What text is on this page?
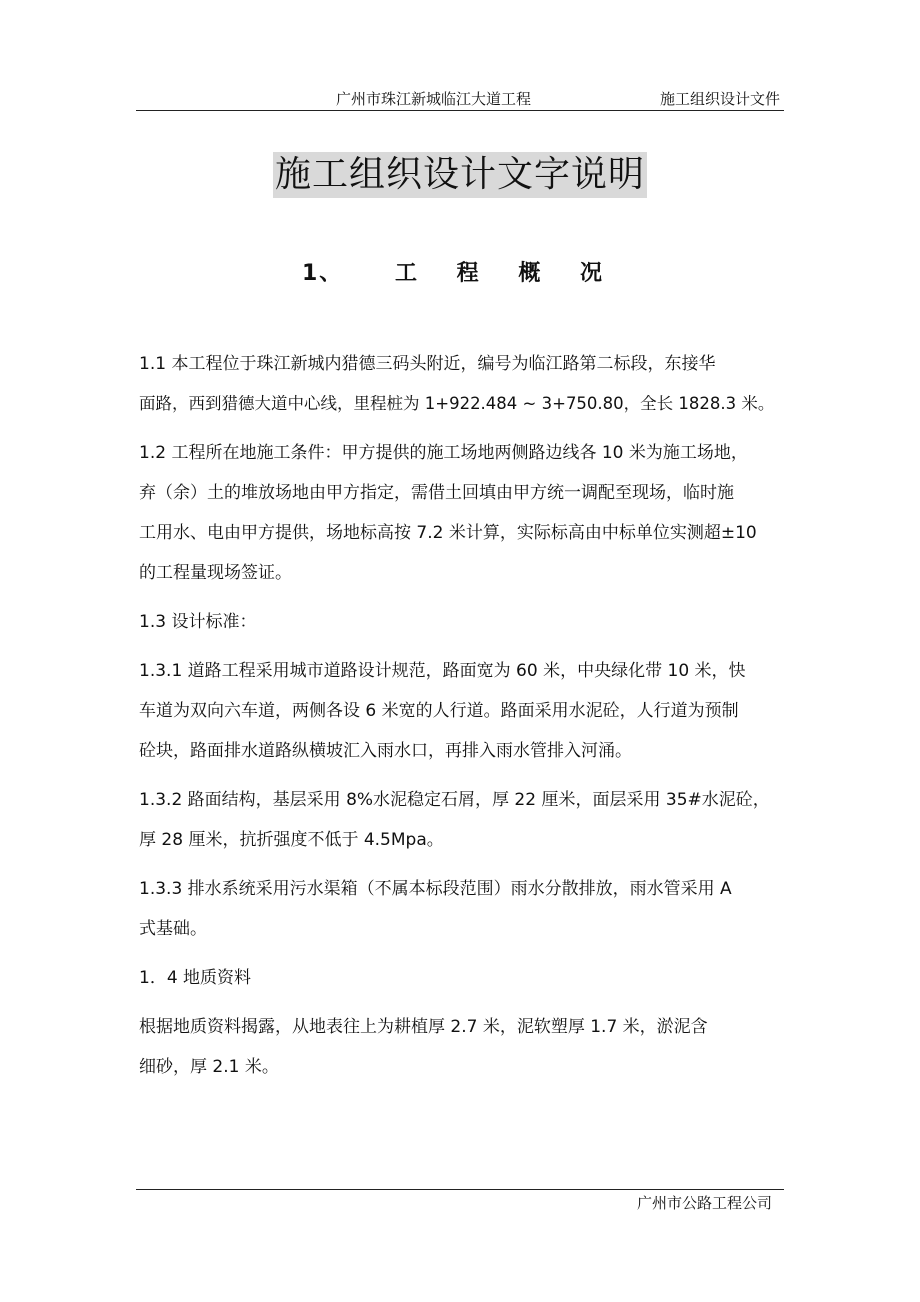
广州市珠江新城临江大道工程	施工组织设计文件
施工组织设计文字说明
1、 工 程 概 况

1.1 本工程位于珠江新城内猎德三码头附近，编号为临江路第二标段，东接华
面路，西到猎德大道中心线，里程桩为 1+922.484 ~ 3+750.80，全长 1828.3 米。

1.2 工程所在地施工条件：甲方提供的施工场地两侧路边线各 10 米为施工场地，
弃（余）土的堆放场地由甲方指定，需借土回填由甲方统一调配至现场，临时施
工用水、电由甲方提供，场地标高按 7.2 米计算，实际标高由中标单位实测超±10
的工程量现场签证。

1.3 设计标准：

1.3.1 道路工程采用城市道路设计规范，路面宽为 60 米，中央绿化带 10 米，快
车道为双向六车道，两侧各设 6 米宽的人行道。路面采用水泥砼，人行道为预制
砼块，路面排水道路纵横坡汇入雨水口，再排入雨水管排入河涌。

1.3.2 路面结构，基层采用 8%水泥稳定石屑，厚 22 厘米，面层采用 35#水泥砼，
厚 28 厘米，抗折强度不低于 4.5Mpa。

1.3.3 排水系统采用污水渠箱（不属本标段范围）雨水分散排放，雨水管采用 A
式基础。

1．4 地质资料

根据地质资料揭露，从地表往上为耕植厚 2.7 米，泥软塑厚 1.7 米，淤泥含
细砂，厚 2.1 米。

广州市公路工程公司
